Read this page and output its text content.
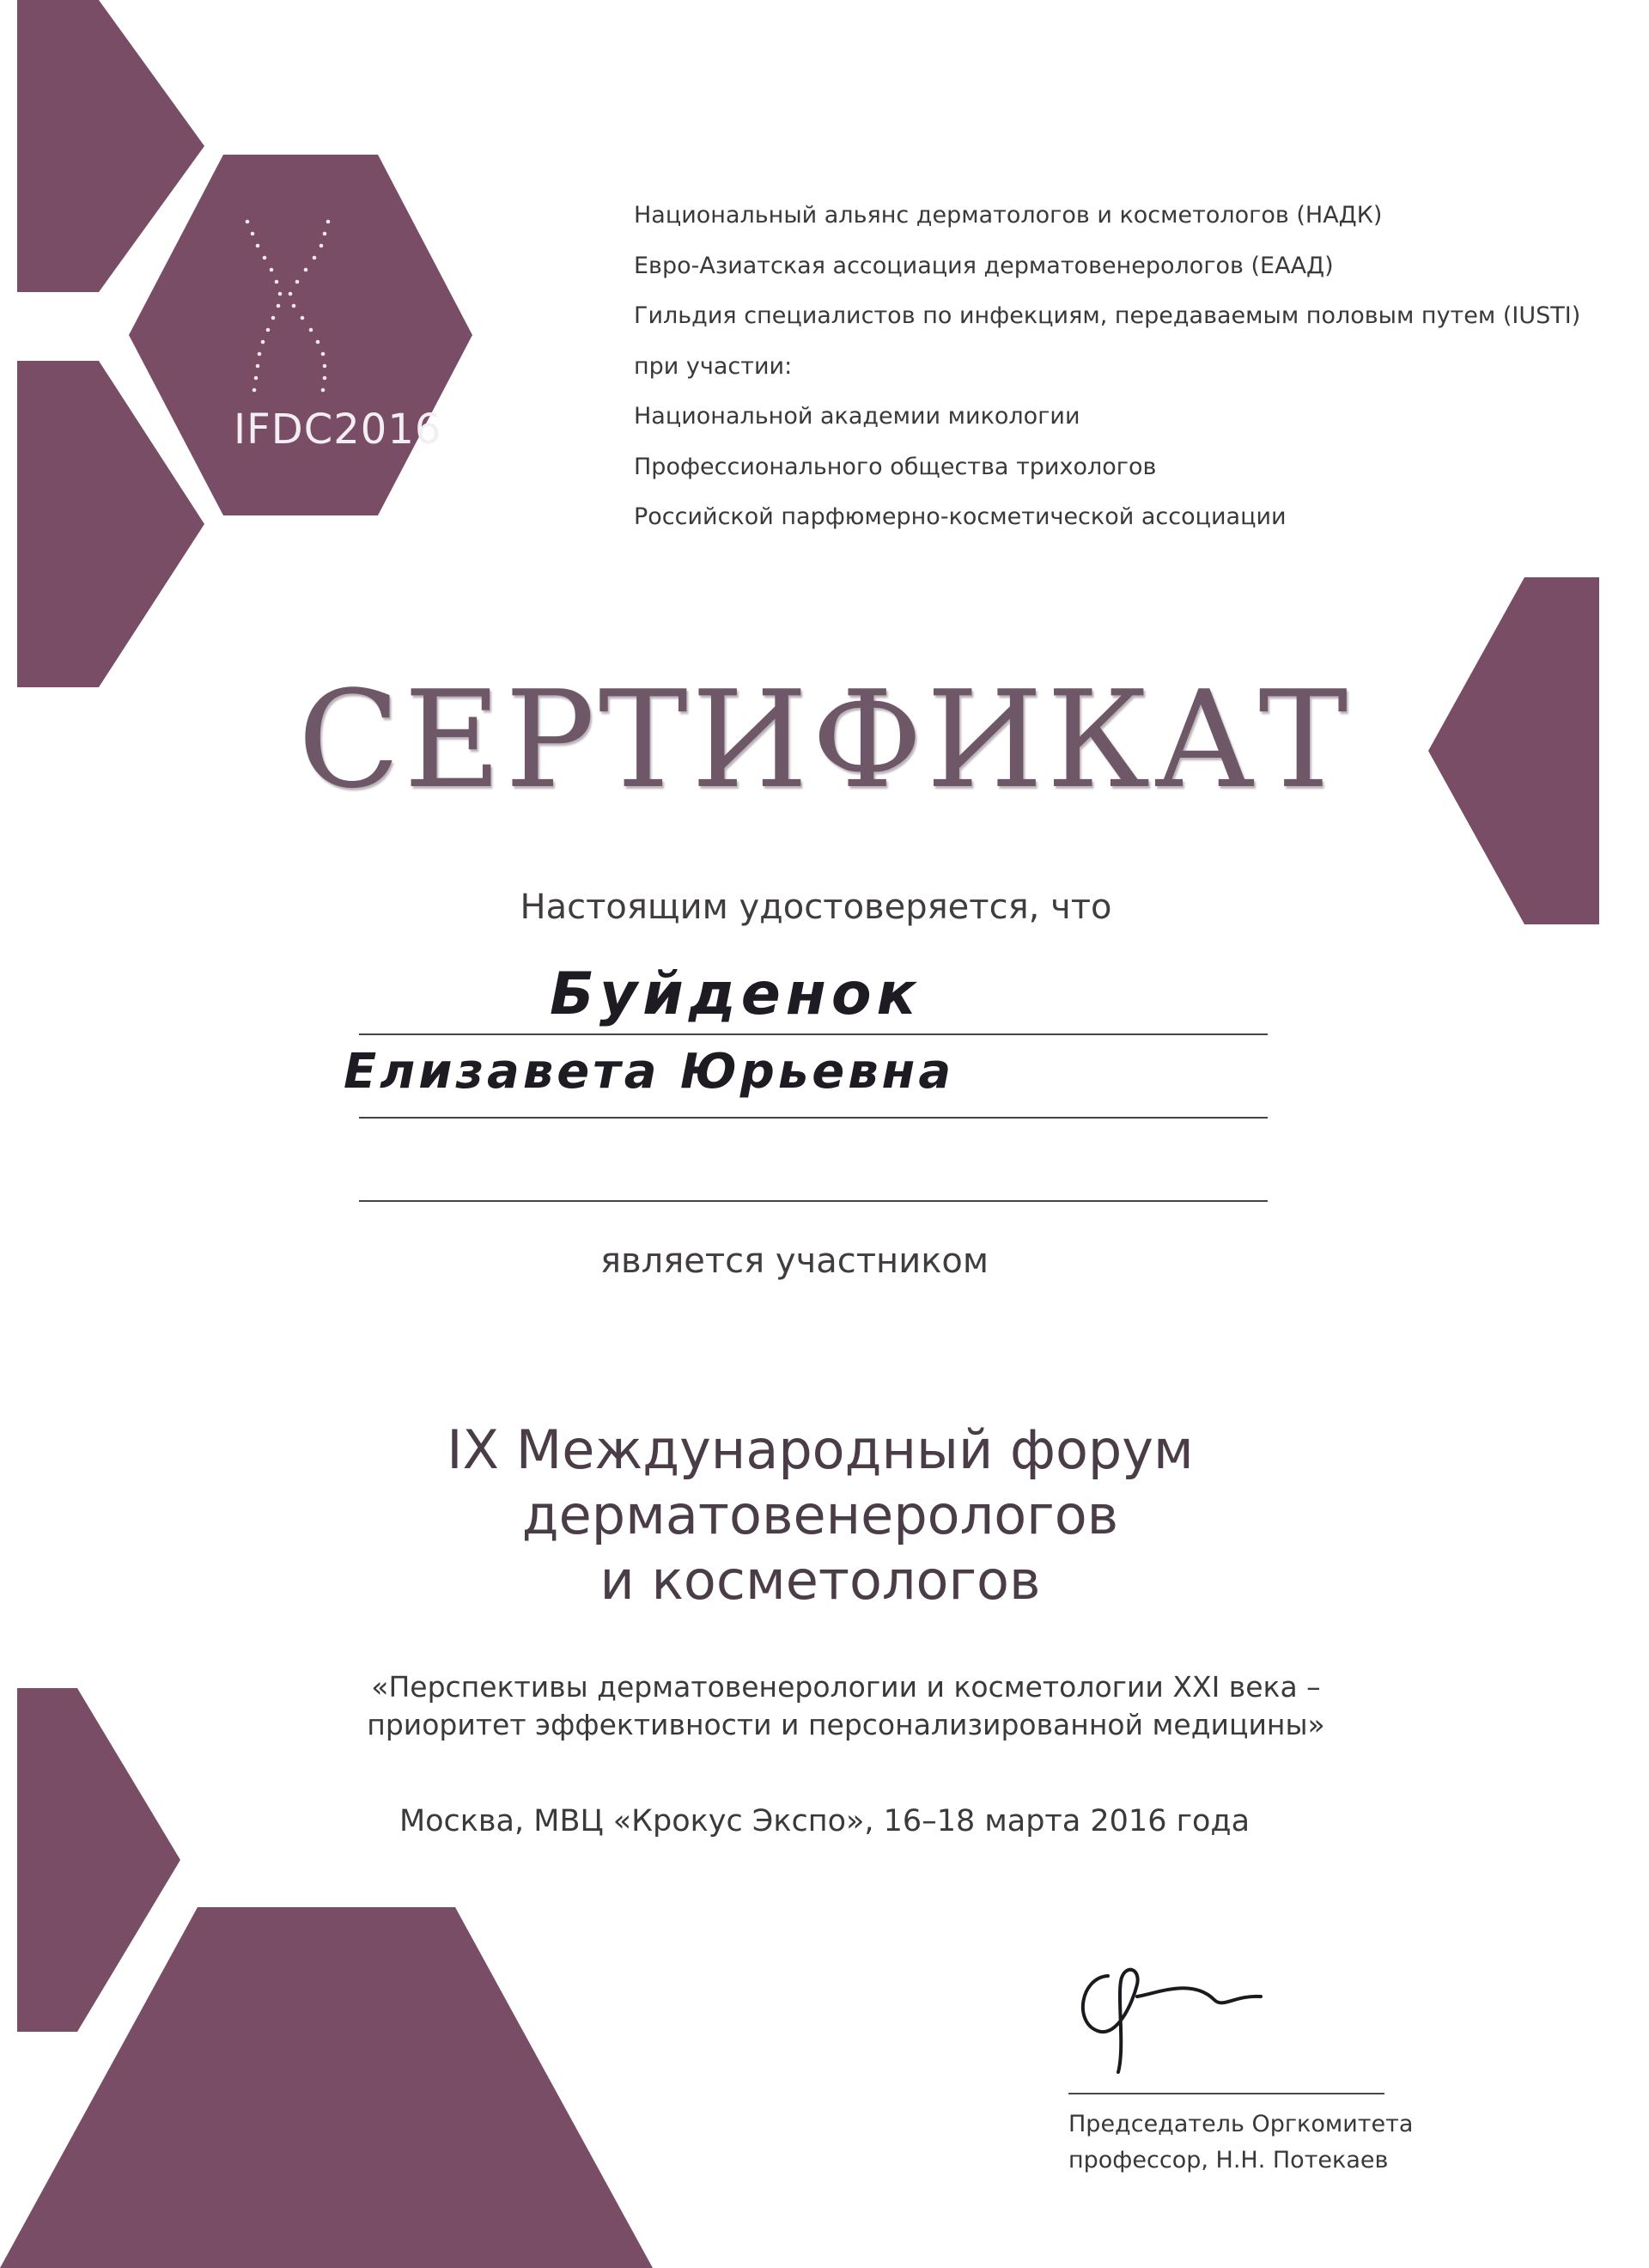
IFDC2016
Национальный альянс дерматологов и косметологов (НАДК)
Евро-Азиатская ассоциация дерматовенерологов (ЕААД)
Гильдия специалистов по инфекциям, передаваемым половым путем (IUSTI)
при участии:
Национальной академии микологии
Профессионального общества трихологов
Российской парфюмерно-косметической ассоциации
СЕРТИФИКАТ
Настоящим удостоверяется, что
Буйденок
Елизавета Юрьевна
является участником
IX Международный форум
дерматовенерологов
и косметологов
«Перспективы дерматовенерологии и косметологии XXI века –
приоритет эффективности и персонализированной медицины»
Москва, МВЦ «Крокус Экспо», 16–18 марта 2016 года
Председатель Оргкомитета
профессор, Н.Н. Потекаев
